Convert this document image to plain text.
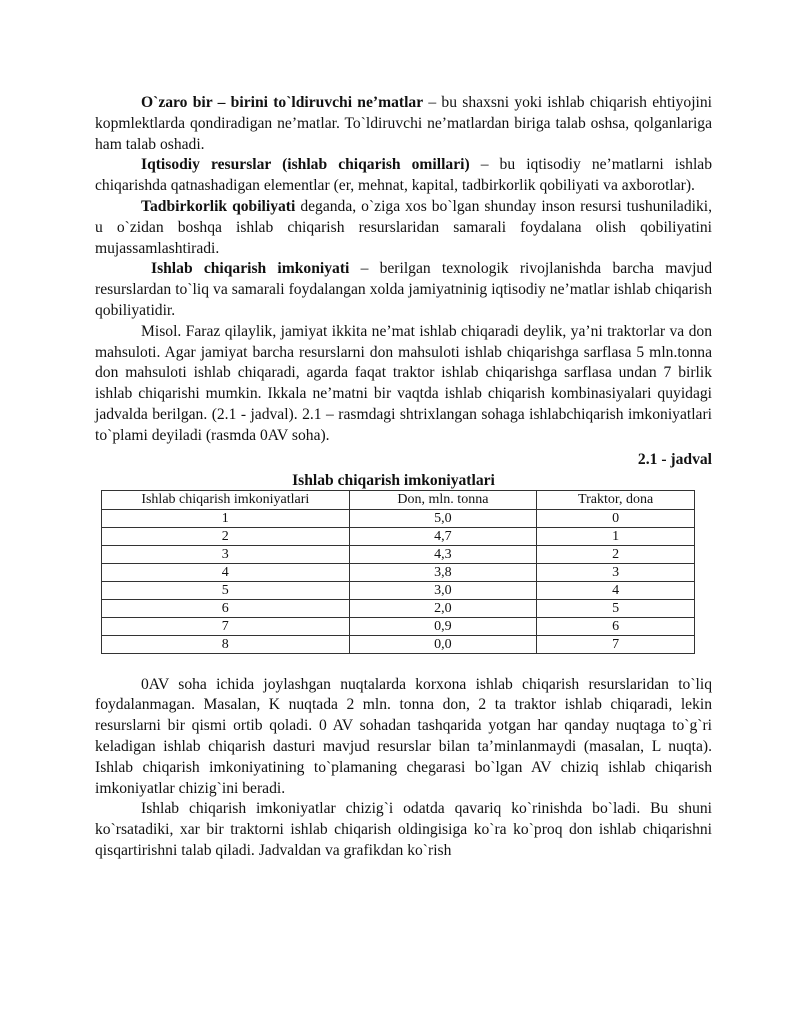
O`zaro bir – birini to`ldiruvchi ne’matlar – bu shaxsni yoki ishlab chiqarish ehtiyojini kopmlektlarda qondiradigan ne’matlar. To`ldiruvchi ne’matlardan biriga talab oshsa, qolganlariga ham talab oshadi.

Iqtisodiy resurslar (ishlab chiqarish omillari) – bu iqtisodiy ne’matlarni ishlab chiqarishda qatnashadigan elementlar (er, mehnat, kapital, tadbirkorlik qobiliyati va axborotlar).

Tadbirkorlik qobiliyati deganda, o`ziga xos bo`lgan shunday inson resursi tushuniladiki, u o`zidan boshqa ishlab chiqarish resurslaridan samarali foydalana olish qobiliyatini mujassamlashtiradi.

Ishlab chiqarish imkoniyati – berilgan texnologik rivojlanishda barcha mavjud resurslardan to`liq va samarali foydalangan xolda jamiyatninig iqtisodiy ne’matlar ishlab chiqarish qobiliyatidir.

Misol. Faraz qilaylik, jamiyat ikkita ne’mat ishlab chiqaradi deylik, ya’ni traktorlar va don mahsuloti. Agar jamiyat barcha resurslarni don mahsuloti ishlab chiqarishga sarflasa 5 mln.tonna don mahsuloti ishlab chiqaradi, agarda faqat traktor ishlab chiqarishga sarflasa undan 7 birlik ishlab chiqarishi mumkin. Ikkala ne’matni bir vaqtda ishlab chiqarish kombinasiyalari quyidagi jadvalda berilgan. (2.1 - jadval). 2.1 – rasmdagi shtrixlangan sohaga ishlabchiqarish imkoniyatlari to`plami deyiladi (rasmda 0AV soha).

2.1 - jadval
Ishlab chiqarish imkoniyatlari
Ishlab chiqarish imkoniyatlari	Don, mln. tonna	Traktor, dona
1	5,0	0
2	4,7	1
3	4,3	2
4	3,8	3
5	3,0	4
6	2,0	5
7	0,9	6
8	0,0	7

0AV soha ichida joylashgan nuqtalarda korxona ishlab chiqarish resurslaridan to`liq foydalanmagan. Masalan, K nuqtada 2 mln. tonna don, 2 ta traktor ishlab chiqaradi, lekin resurslarni bir qismi ortib qoladi. 0 AV sohadan tashqarida yotgan har qanday nuqtaga to`g`ri keladigan ishlab chiqarish dasturi mavjud resurslar bilan ta’minlanmaydi (masalan, L nuqta). Ishlab chiqarish imkoniyatining to`plamaning chegarasi bo`lgan AV chiziq ishlab chiqarish imkoniyatlar chizig`ini beradi.

Ishlab chiqarish imkoniyatlar chizig`i odatda qavariq ko`rinishda bo`ladi. Bu shuni ko`rsatadiki, xar bir traktorni ishlab chiqarish oldingisiga ko`ra ko`proq don ishlab chiqarishni qisqartirishni talab qiladi. Jadvaldan va grafikdan ko`rish
